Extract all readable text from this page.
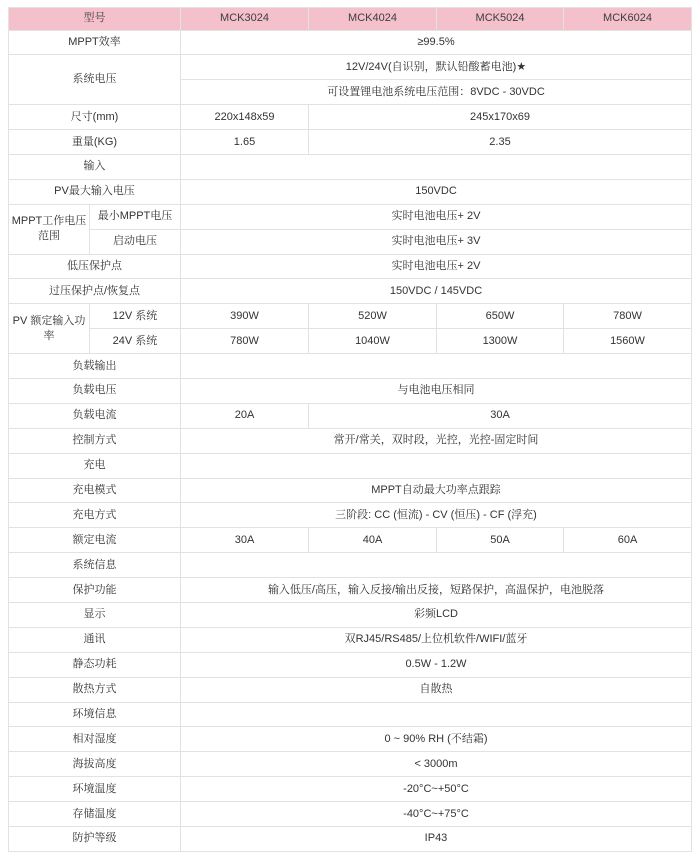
型号		MCK3024	MCK4024	MCK5024	MCK6024
MPPT效率		≥99.5%			
系统电压		12V/24V(自识别，默认铅酸蓄电池)★			
		可设置锂电池系统电压范围：8VDC - 30VDC			
尺寸(mm)		220x148x59	245x170x69		
重量(KG)		1.65	2.35		
输入					
PV最大输入电压		150VDC			
MPPT工作电压范围	最小MPPT电压	实时电池电压+ 2V			
	启动电压	实时电池电压+ 3V			
低压保护点		实时电池电压+ 2V			
过压保护点/恢复点		150VDC / 145VDC			
PV 额定输入功率	12V 系统	390W	520W	650W	780W
	24V 系统	780W	1040W	1300W	1560W
负载输出					
负载电压		与电池电压相同			
负载电流		20A	30A		
控制方式		常开/常关，双时段，光控，光控-固定时间			
充电					
充电模式		MPPT自动最大功率点跟踪			
充电方式		三阶段: CC (恒流) - CV (恒压) - CF (浮充)			
额定电流		30A	40A	50A	60A
系统信息					
保护功能		输入低压/高压，输入反接/输出反接，短路保护，高温保护，电池脱落			
显示		彩频LCD			
通讯		双RJ45/RS485/上位机软件/WIFI/蓝牙			
静态功耗		0.5W - 1.2W			
散热方式		自散热			
环境信息					
相对湿度		0 ~ 90% RH (不结霜)			
海拔高度		< 3000m			
环境温度		-20°C~+50°C			
存储温度		-40°C~+75°C			
防护等级		IP43			
